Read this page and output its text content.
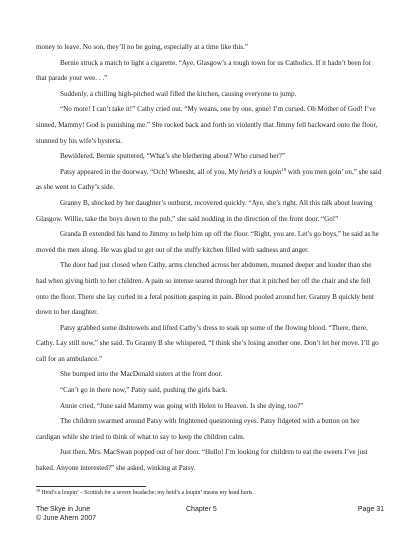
money to leave. No son, they’ll no be going, especially at a time like this.”

Bernie struck a match to light a cigarette. “Aye, Glasgow’s a tough town for us Catholics. If it hadn’t been for that parade your wee. . .”

Suddenly, a chilling high-pitched wail filled the kitchen, causing everyone to jump.

“No more! I can’t take it!” Cathy cried out. “My weans, one by one, gone! I’m cursed. Oh Mother of God! I’ve sinned, Mammy! God is punishing me.” She rocked back and forth so violently that Jimmy fell backward onto the floor, stunned by his wife’s hysteria.

Bewildered, Bernie sputtered, “What’s she blethering about? Who cursed her?”

Patsy appeared in the doorway. “Och! Wheesht, all of you. My heid’s a loupin$^{19}$ with you men goin’ on,” she said as she went to Cathy’s side.

Granny B, shocked by her daughter’s outburst, recovered quickly. “Aye, she’s right. All this talk about leaving Glasgow. Willie, take the boys down to the pub,” she said nodding in the direction of the front door. “Go!”

Granda B extended his hand to Jimmy to help him up off the floor. “Right, you are. Let’s go boys,” he said as he moved the men along. He was glad to get out of the stuffy kitchen filled with sadness and anger.

The door had just closed when Cathy, arms clenched across her abdomen, moaned deeper and louder than she had when giving birth to her children. A pain so intense seared through her that it pitched her off the chair and she fell onto the floor. There she lay curled in a fetal position gasping in pain. Blood pooled around her. Granny B quickly bent down to her daughter.

Patsy grabbed some dishtowels and lifted Cathy’s dress to soak up some of the flowing blood. “There, there, Cathy. Lay still now,” she said. To Granny B she whispered, “I think she’s losing another one. Don’t let her move. I’ll go call for an ambulance.”

She bumped into the MacDonald sisters at the front door.

“Can’t go in there now,” Patsy said, pushing the girls back.

Annie cried, “June said Mammy was going with Helen to Heaven. Is she dying, too?”

The children swarmed around Patsy with frightened questioning eyes. Patsy fidgeted with a button on her cardigan while she tried to think of what to say to keep the children calm.

Just then, Mrs. MacSwan popped out of her door. “Hullo! I’m looking for children to eat the sweets I’ve just baked. Anyone interested?” she asked, winking at Patsy.

$^{19}$ Heid’s a loupin’ – Scottish for a severe headache; my heid’s a loupin’ means my head hurts.
The Skye in June	Chapter 5	Page 31
© June Ahern 2007
